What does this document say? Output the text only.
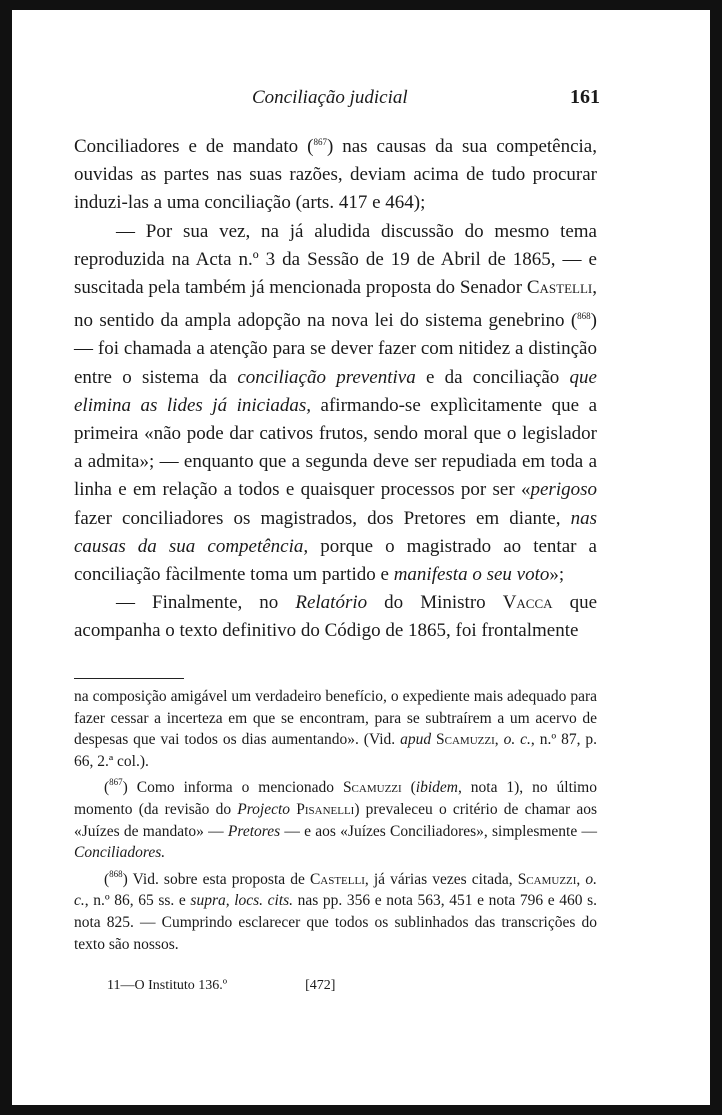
Conciliação judicial	161

Conciliadores e de mandato ($^{867}$) nas causas da sua competência, ouvidas as partes nas suas razões, deviam acima de tudo procurar induzi-las a uma conciliação (arts. 417 e 464);

— Por sua vez, na já aludida discussão do mesmo tema reproduzida na Acta n.º 3 da Sessão de 19 de Abril de 1865, — e suscitada pela também já mencionada proposta do Senador Castelli, no sentido da ampla adopção na nova lei do sistema genebrino ($^{868}$) — foi chamada a atenção para se dever fazer com nitidez a distinção entre o sistema da conciliação preventiva e da conciliação que elimina as lides já iniciadas, afirmando-se explìcitamente que a primeira «não pode dar cativos frutos, sendo moral que o legislador a admita»; — enquanto que a segunda deve ser repudiada em toda a linha e em relação a todos e quaisquer processos por ser «perigoso fazer conciliadores os magistrados, dos Pretores em diante, nas causas da sua competência, porque o magistrado ao tentar a conciliação fàcilmente toma um partido e manifesta o seu voto»;

— Finalmente, no Relatório do Ministro Vacca que acompanha o texto definitivo do Código de 1865, foi frontalmente

na composição amigável um verdadeiro benefício, o expediente mais adequado para fazer cessar a incerteza em que se encontram, para se subtraírem a um acervo de despesas que vai todos os dias aumentando». (Vid. apud Scamuzzi, o. c., n.º 87, p. 66, 2.ª col.).

($^{867}$) Como informa o mencionado Scamuzzi (ibidem, nota 1), no último momento (da revisão do Projecto Pisanelli) prevaleceu o critério de chamar aos «Juízes de mandato» — Pretores — e aos «Juízes Conciliadores», simplesmente — Conciliadores.

($^{868}$) Vid. sobre esta proposta de Castelli, já várias vezes citada, Scamuzzi, o. c., n.º 86, 65 ss. e supra, locs. cits. nas pp. 356 e nota 563, 451 e nota 796 e 460 s. nota 825. — Cumprindo esclarecer que todos os sublinhados das transcrições do texto são nossos.

11—O Instituto 136.º	[472]
